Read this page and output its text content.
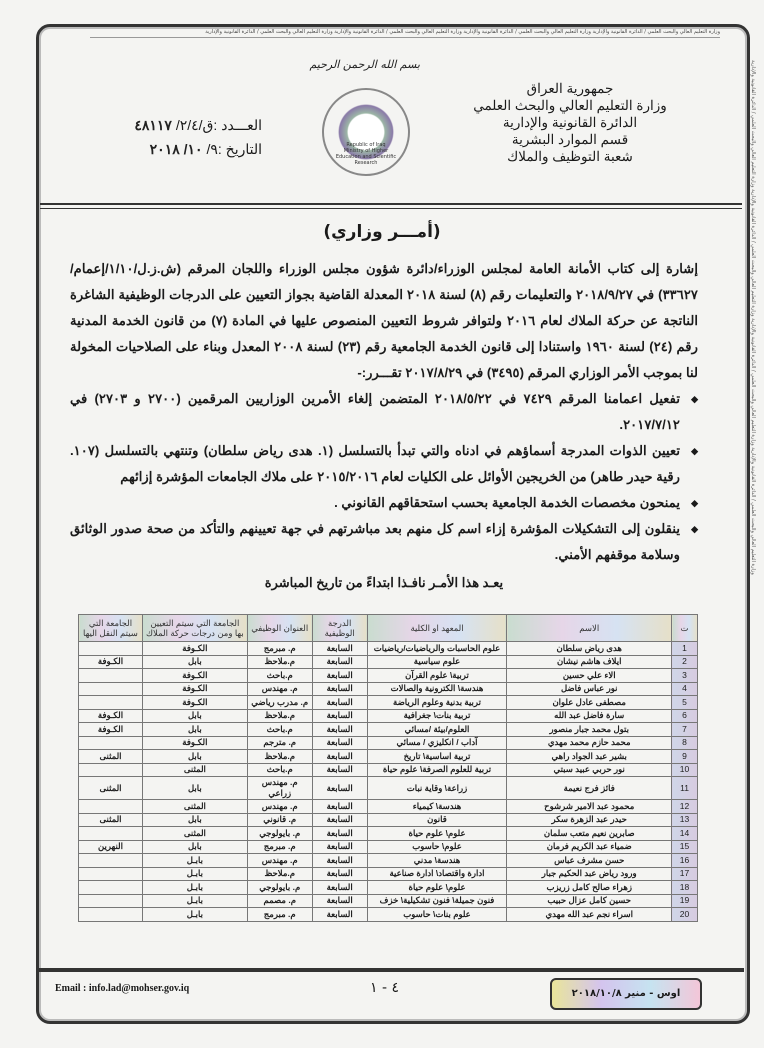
وزارة التعليم العالي والبحث العلمي / الدائرة القانونية والإدارية وزارة التعليم العالي والبحث العلمي / الدائرة القانونية والإدارية وزارة التعليم العالي والبحث العلمي / الدائرة القانونية والإدارية وزارة التعليم العالي والبحث العلمي / الدائرة القانونية والإدارية
وزارة التعليم العالي والبحث العلمي / الدائرة القانونية والإدارية وزارة التعليم العالي والبحث العلمي / الدائرة القانونية والإدارية وزارة التعليم العالي والبحث العلمي / الدائرة القانونية والإدارية وزارة التعليم العالي والبحث العلمي / الدائرة القانونية والإدارية
بسم الله الرحمن الرحيم
Republic of Iraq
Ministry of Higher Education and Scientific Research
جمهورية العراق
وزارة التعليم العالي والبحث العلمي
الدائرة القانونية والإدارية
قسم الموارد البشرية
شعبة التوظيف والملاك
العـــدد :ق/٢/٤/ ٤٨١١٧
التاريخ :٩/ ١٠/ ٢٠١٨
(أمـــر وزاري)

إشارة إلى كتاب الأمانة العامة لمجلس الوزراء/دائرة شؤون مجلس الوزراء واللجان المرقم (ش.ز.ل/١/١٠/إعمام/٣٣٦٢٧) في ٢٠١٨/٩/٢٧ والتعليمات رقم (٨) لسنة ٢٠١٨ المعدلة القاضية بجواز التعيين على الدرجات الوظيفية الشاغرة الناتجة عن حركة الملاك لعام ٢٠١٦ ولتوافر شروط التعيين المنصوص عليها في المادة (٧) من قانون الخدمة المدنية رقم (٢٤) لسنة ١٩٦٠ واستنادا إلى قانون الخدمة الجامعية رقم (٢٣) لسنة ٢٠٠٨ المعدل وبناء على الصلاحيات المخولة لنا بموجب الأمر الوزاري المرقم (٣٤٩٥) في ٢٠١٧/٨/٢٩ تقـــرر:-

◆ تفعيل اعمامنا المرقم ٧٤٢٩ في ٢٠١٨/٥/٢٢ المتضمن إلغاء الأمرين الوزاريين المرقمين (٢٧٠٠ و ٢٧٠٣) في ٢٠١٧/٧/١٢.
◆ تعيين الذوات المدرجة أسماؤهم في ادناه والتي تبدأ بالتسلسل (١. هدى رياض سلطان) وتنتهي بالتسلسل (١٠٧. رقية حيدر طاهر) من الخريجين الأوائل على الكليات لعام ٢٠١٥/٢٠١٦ على ملاك الجامعات المؤشرة إزائهم
◆ يمنحون مخصصات الخدمة الجامعية بحسب استحقاقهم القانوني .
◆ ينقلون إلى التشكيلات المؤشرة إزاء اسم كل منهم بعد مباشرتهم في جهة تعيينهم والتأكد من صحة صدور الوثائق وسلامة موقفهم الأمني.
يعـد هذا الأمـر نافـذا ابتداءً من تاريخ المباشرة
ت	الاسم	المعهد او الكلية	الدرجة الوظيفية	العنوان الوظيفي	الجامعة التي سيتم التعيين بها ومن درجات حركة الملاك	الجامعة التي سيتم النقل اليها
1	هدى رياض سلطان	علوم الحاسبات والرياضيات/رياضيات	السابعة	م. مبرمج	الكـوفة	
2	ايلاف هاشم نيشان	علوم سياسية	السابعة	م.ملاحظ	بابل	الكـوفة
3	الاء علي حسين	تربية\ علوم القرآن	السابعة	م.باحث	الكـوفة	
4	نور عباس فاضل	هندسة\ الكترونية والصالات	السابعة	م. مهندس	الكـوفة	
5	مصطفى عادل علوان	تربية بدنية وعلوم الرياضة	السابعة	م. مدرب رياضي	الكـوفة	
6	سارة فاضل عبد الله	تربية بنات\ جغرافية	السابعة	م.ملاحظ	بابل	الكـوفة
7	بتول محمد جبار منصور	العلوم/بيئة /مسائي	السابعة	م.باحث	بابل	الكـوفة
8	محمد حازم محمد مهدي	آداب / انكليزي / مسائي	السابعة	م. مترجم	الكـوفة	
9	بشير عبد الجواد راهي	تربية اساسية\ تاريخ	السابعة	م.ملاحظ	بابل	المثنى
10	نور حربي عبيد سبتي	تربية للعلوم الصرفة\ علوم حياة	السابعة	م.باحث	المثنى	
11	فائز فرج نعيمة	زراعة\ وقاية نبات	السابعة	م. مهندس زراعي	بابل	المثنى
12	محمود عبد الامير شرشوح	هندسة\ كيمياء	السابعة	م. مهندس	المثنى	
13	حيدر عبد الزهرة سكر	قانون	السابعة	م. قانوني	بابل	المثنى
14	صابرين نعيم متعب سلمان	علوم\ علوم حياة	السابعة	م. بايولوجي	المثنى	
15	ضمياء عبد الكريم فرمان	علوم\ حاسوب	السابعة	م. مبرمج	بابل	النهرين
16	حسن مشرف عباس	هندسة\ مدني	السابعة	م. مهندس	بابـل	
17	ورود رياض عبد الحكيم جبار	ادارة واقتصاد\ ادارة صناعية	السابعة	م.ملاحظ	بابـل	
18	زهراء صالح كامل زريزب	علوم\ علوم حياة	السابعة	م. بايولوجي	بابـل	
19	حسين كامل عزال حبيب	فنون جميلة\ فنون تشكيلية\ خزف	السابعة	م. مصمم	بابـل	
20	اسراء نجم عبد الله مهدي	علوم بنات\ حاسوب	السابعة	م. مبرمج	بابـل	
Email : info.lad@mohser.gov.iq	٤ - ١	اوس - منير ٢٠١٨/١٠/٨
